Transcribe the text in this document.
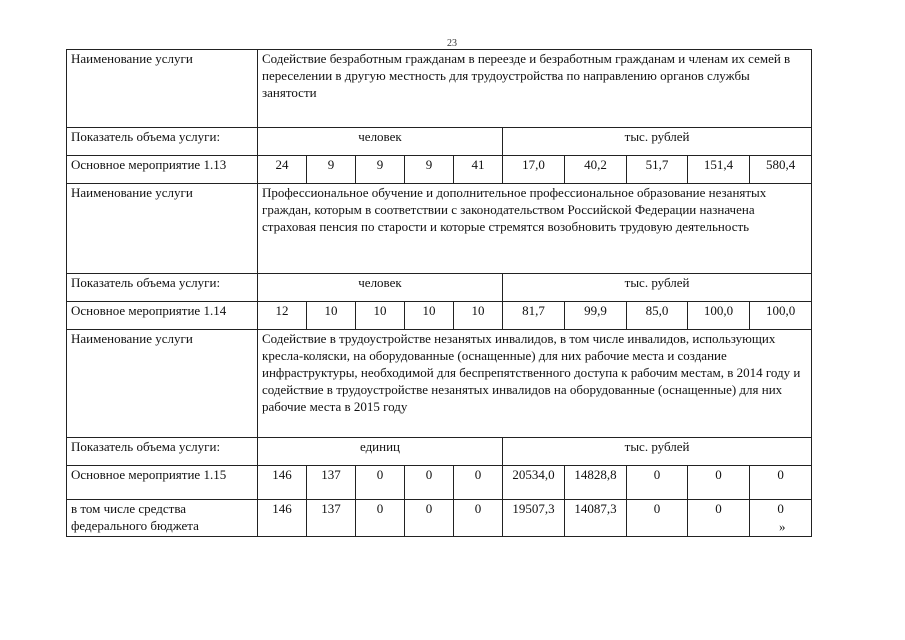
23
Наименование услуги	Содействие безработным гражданам в переезде и безработным гражданам и членам их семей в переселении в другую местность для трудоустройства по направлению органов службы занятости									
Показатель объема услуги:	человек					тыс. рублей				
Основное мероприятие 1.13	24	9	9	9	41	17,0	40,2	51,7	151,4	580,4
Наименование услуги	Профессиональное обучение и дополнительное профессиональное образование незанятых граждан, которым в соответствии с законодательством Российской Федерации назначена страховая пенсия по старости и которые стремятся возобновить трудовую деятельность									
Показатель объема услуги:	человек					тыс. рублей				
Основное мероприятие 1.14	12	10	10	10	10	81,7	99,9	85,0	100,0	100,0
Наименование услуги	Содействие в трудоустройстве незанятых инвалидов, в том числе инвалидов, использующих кресла-коляски, на оборудованные (оснащенные) для них рабочие места и создание инфраструктуры, необходимой для беспрепятственного доступа к рабочим местам, в 2014 году и содействие в трудоустройстве незанятых инвалидов на оборудованные (оснащенные) для них рабочие места в 2015 году									
Показатель объема услуги:	единиц					тыс. рублей				
Основное мероприятие 1.15	146	137	0	0	0	20534,0	14828,8	0	0	0
в том числе средства федерального бюджета	146	137	0	0	0	19507,3	14087,3	0	0	0
»
